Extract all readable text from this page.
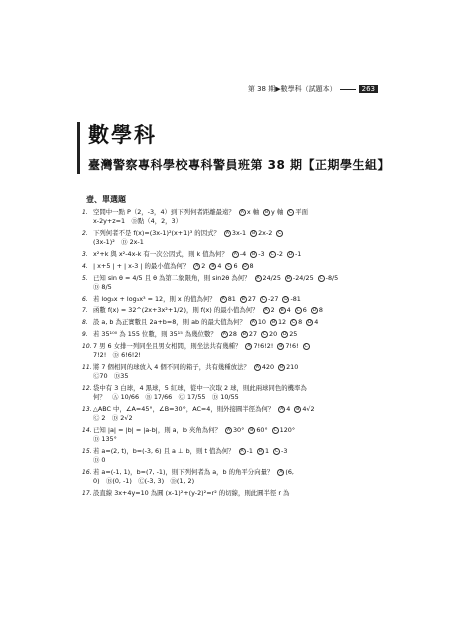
第 38 期▶數學科（試題本）	263
數學科
臺灣警察專科學校專科警員班第 38 期【正期學生組】
壹、單選題
1. 空間中一點 P（2，-3，4）到下列何者距離最遠？ A x 軸 B y 軸 C 平面
x-2y+z=1　Ⓓ點（4，2，3）
2. 下列何者不是 f(x)=(3x-1)²(x+1)³ 的因式？ A 3x-1 B 2x-2 C
(3x-1)²　Ⓓ 2x-1
3. x²+k 與 x²-4x-k 有一次公因式，則 k 值為何？ A -4 B -3 C -2 D -1
4. | x+5 | + | x-3 | 的最小值為何？ A 2 B 4 C 6 D 8
5. 已知 sin θ = 4/5 且 θ 為第二象限角，則 sin2θ 為何？ A 24/25 B -24/25 C -8/5
Ⓓ 8/5
6. 若 log₃x + log₃x³ = 12，則 x 的值為何？ A 81 B 27 C -27 D -81
7. 函數 f(x) = 32^(2x+3x²+1/2)，則 f(x) 的最小值為何？ A 2 B 4 C 6 D 8
8. 設 a, b 為正實數且 2a+b=8，則 ab 的最大值為何？ A 10 B 12 C 8 D 4
9. 若 35¹⁰⁰ 為 155 位數，則 35¹⁵ 為幾位數？ A 28 B 27 C 20 D 25
10. 7 男 6 女排一列同坐且男女相間，則坐法共有幾種？ A 7!6!2! B 7!6! C
7!2!　Ⓓ 6!6!2!
11. 將 7 個相同的球放入 4 個不同的箱子，共有幾種放法？ A 420 B 210
Ⓒ70　Ⓓ35
12. 袋中有 3 白球，4 黑球，5 紅球，從中一次取 2 球，則此兩球同色的機率為
何？　Ⓐ 10/66　Ⓑ 17/66　Ⓒ 17/55　Ⓓ 10/55
13. △ABC 中，∠A=45°，∠B=30°，AC=4，則外接圓半徑為何？ A 4 B 4√2
Ⓒ 2　Ⓓ 2√2
14. 已知 |a| = |b| = |a-b|，則 a，b 夾角為何？ A 30° B 60° C 120°
Ⓓ 135°
15. 若 a=(2, t)，b=(-3, 6) 且 a ⊥ b，則 t 值為何？ A -1 B 1 C -3
Ⓓ 0
16. 若 a=(-1, 1)，b=(7, -1)，則下列何者為 a，b 的角平分向量？ A (6,
0)　Ⓑ(0, -1)　Ⓒ(-3, 3)　Ⓓ(1, 2)
17. 設直線 3x+4y=10 為圓 (x-1)²+(y-2)²=r² 的切線，則此圓半徑 r 為
